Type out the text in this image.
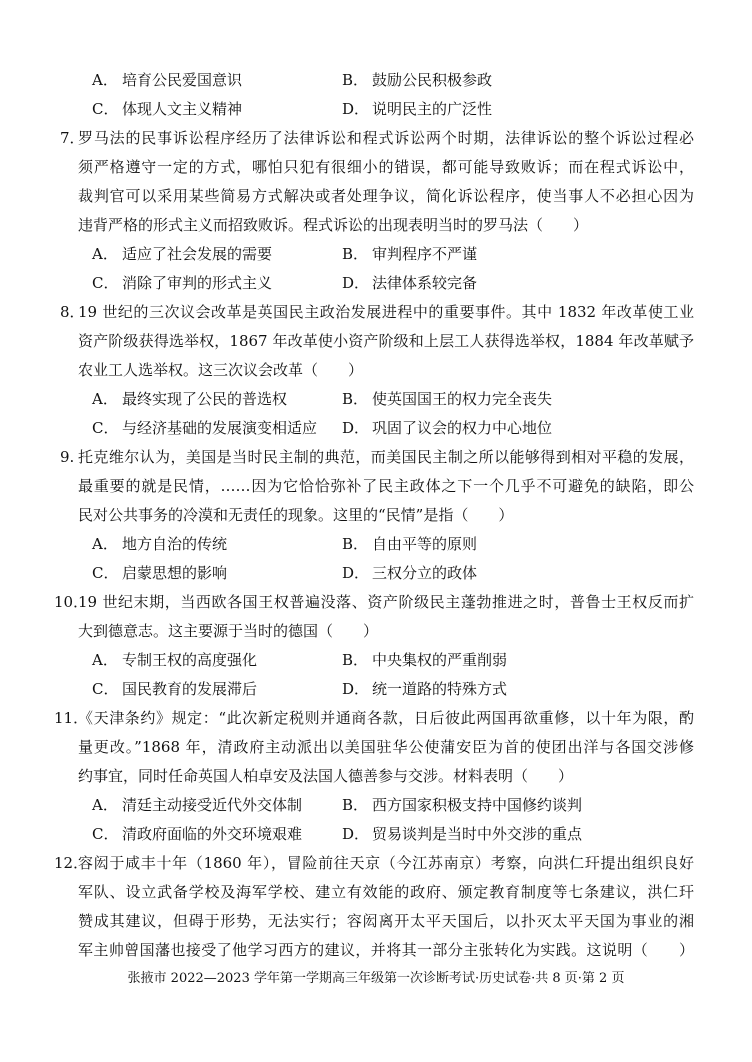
A． 培育公民爱国意识	B． 鼓励公民积极参政
C． 体现人文主义精神	D． 说明民主的广泛性
7．
罗马法的民事诉讼程序经历了法律诉讼和程式诉讼两个时期，法律诉讼的整个诉讼过程必
须严格遵守一定的方式，哪怕只犯有很细小的错误，都可能导致败诉；而在程式诉讼中，
裁判官可以采用某些简易方式解决或者处理争议，简化诉讼程序，使当事人不必担心因为
违背严格的形式主义而招致败诉。程式诉讼的出现表明当时的罗马法（　　）
A． 适应了社会发展的需要	B． 审判程序不严谨
C． 消除了审判的形式主义	D． 法律体系较完备
8．
19 世纪的三次议会改革是英国民主政治发展进程中的重要事件。其中 1832 年改革使工业
资产阶级获得选举权，1867 年改革使小资产阶级和上层工人获得选举权，1884 年改革赋予
农业工人选举权。这三次议会改革（　　）
A． 最终实现了公民的普选权	B． 使英国国王的权力完全丧失
C． 与经济基础的发展演变相适应 D． 巩固了议会的权力中心地位
9. 托克维尔认为，美国是当时民主制的典范，而美国民主制之所以能够得到相对平稳的发展，
最重要的就是民情，……因为它恰恰弥补了民主政体之下一个几乎不可避免的缺陷，即公
民对公共事务的冷漠和无责任的现象。这里的“民情”是指（　　）
A． 地方自治的传统	B． 自由平等的原则
C． 启蒙思想的影响	D． 三权分立的政体
10．
19 世纪末期，当西欧各国王权普遍没落、资产阶级民主蓬勃推进之时，普鲁士王权反而扩
大到德意志。这主要源于当时的德国（　　）
A． 专制王权的高度强化	B． 中央集权的严重削弱
C． 国民教育的发展滞后	D． 统一道路的特殊方式
11．
《天津条约》规定：“此次新定税则并通商各款，日后彼此两国再欲重修，以十年为限，酌
量更改。”1868 年，清政府主动派出以美国驻华公使蒲安臣为首的使团出洋与各国交涉修
约事宜，同时任命英国人柏卓安及法国人德善参与交涉。材料表明（　　）
A． 清廷主动接受近代外交体制	B． 西方国家积极支持中国修约谈判
C． 清政府面临的外交环境艰难	D． 贸易谈判是当时中外交涉的重点
12．
容闳于咸丰十年（1860 年），冒险前往天京（今江苏南京）考察，向洪仁玕提出组织良好
军队、设立武备学校及海军学校、建立有效能的政府、颁定教育制度等七条建议，洪仁玕
赞成其建议，但碍于形势，无法实行；容闳离开太平天国后，以扑灭太平天国为事业的湘
军主帅曾国藩也接受了他学习西方的建议，并将其一部分主张转化为实践。这说明（　　）
张掖市 2022—2023 学年第一学期高三年级第一次诊断考试·历史试卷·共 8 页·第 2 页
